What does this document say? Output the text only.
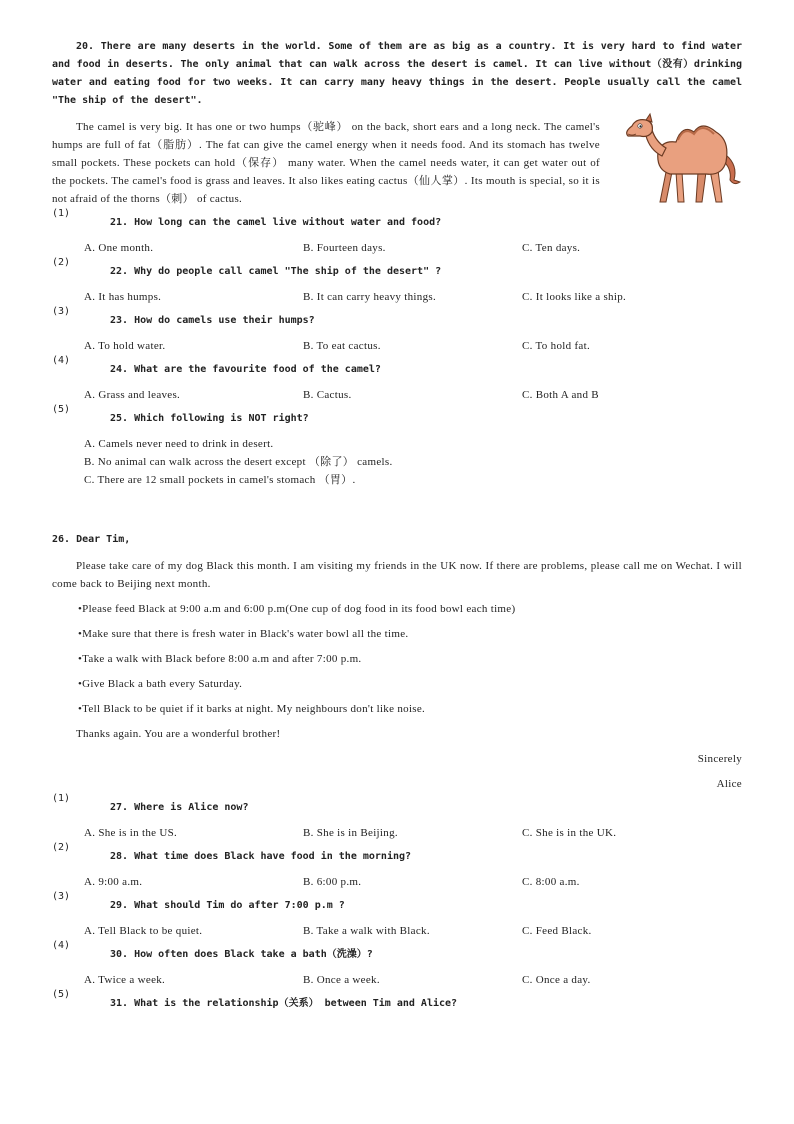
20. There are many deserts in the world. Some of them are as big as a country. It is very hard to find water and food in deserts. The only animal that can walk across the desert is camel. It can live without（没有）drinking water and eating food for two weeks. It can carry many heavy things in the desert. People usually call the camel "The ship of the desert".

The camel is very big. It has one or two humps（驼峰） on the back, short ears and a long neck. The camel's humps are full of fat（脂肪）. The fat can give the camel energy when it needs food. And its stomach has twelve small pockets. These pockets can hold（保存） many water. When the camel needs water, it can get water out of the pockets. The camel's food is grass and leaves. It also likes eating cactus（仙人掌）. Its mouth is special, so it is not afraid of the thorns（刺） of cactus.

(1)
21. How long can the camel live without water and food?
A. One month.	B. Fourteen days.	C. Ten days.
(2)
22. Why do people call camel "The ship of the desert" ?
A. It has humps.	B. It can carry heavy things.	C. It looks like a ship.
(3)
23. How do camels use their humps?
A. To hold water.	B. To eat cactus.	C. To hold fat.
(4)
24. What are the favourite food of the camel?
A. Grass and leaves.	B. Cactus.	C. Both A and B
(5)
25. Which following is NOT right?
A. Camels never need to drink in desert.
B. No animal can walk across the desert except （除了） camels.
C. There are 12 small pockets in camel's stomach （胃）.
26. Dear Tim,

Please take care of my dog Black this month. I am visiting my friends in the UK now. If there are problems, please call me on Wechat. I will come back to Beijing next month.

•Please feed Black at 9:00 a.m and 6:00 p.m(One cup of dog food in its food bowl each time)
•Make sure that there is fresh water in Black's water bowl all the time.
•Take a walk with Black before 8:00 a.m and after 7:00 p.m.
•Give Black a bath every Saturday.
•Tell Black to be quiet if it barks at night. My neighbours don't like noise.
Thanks again. You are a wonderful brother!
Sincerely
Alice
(1)
27. Where is Alice now?
A. She is in the US.	B. She is in Beijing.	C. She is in the UK.
(2)
28. What time does Black have food in the morning?
A. 9:00 a.m.	B. 6:00 p.m.	C. 8:00 a.m.
(3)
29. What should Tim do after 7:00 p.m ?
A. Tell Black to be quiet.	B. Take a walk with Black.	C. Feed Black.
(4)
30. How often does Black take a bath（洗澡）?
A. Twice a week.	B. Once a week.	C. Once a day.
(5)
31. What is the relationship（关系） between Tim and Alice?
